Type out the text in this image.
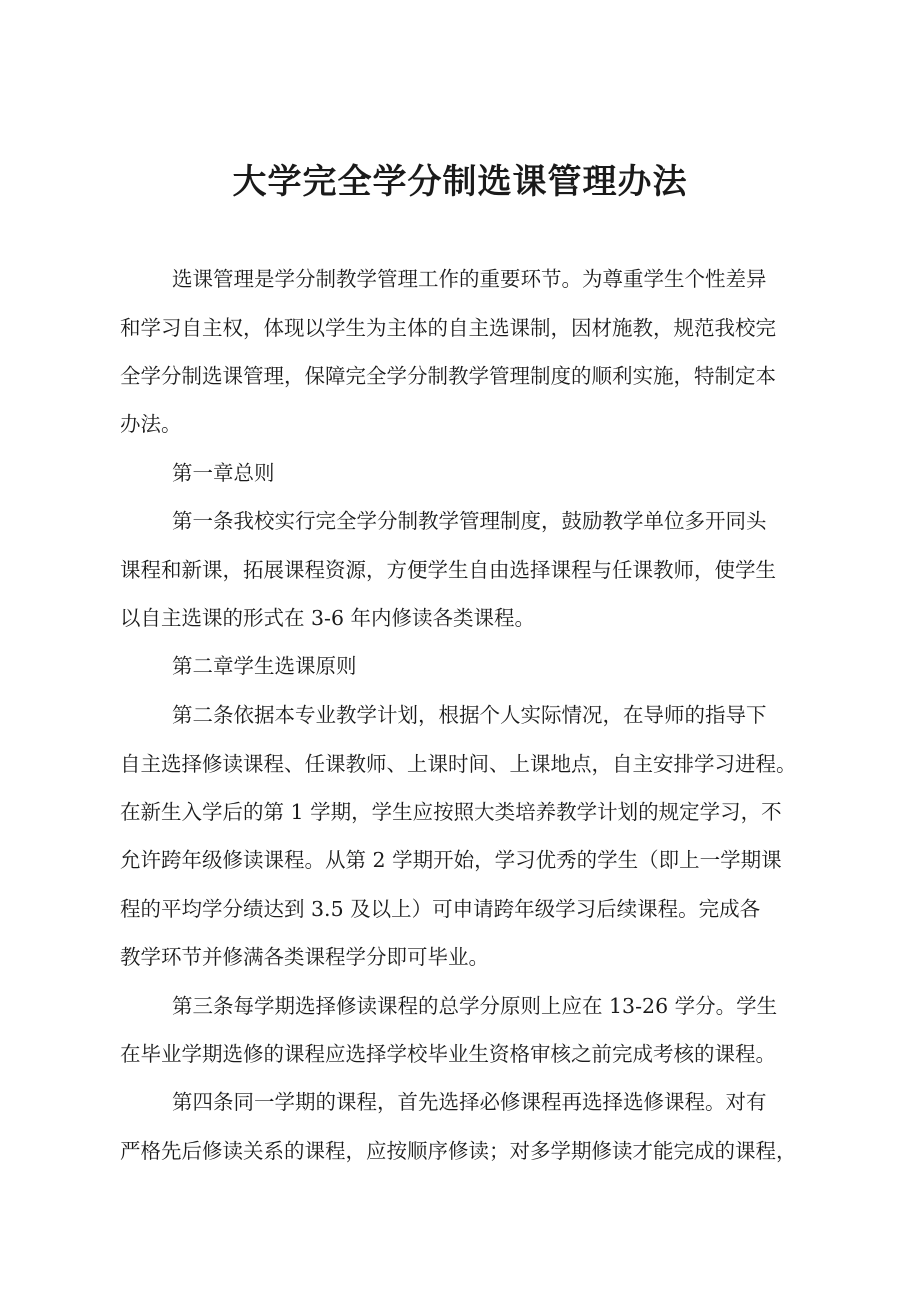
大学完全学分制选课管理办法

选课管理是学分制教学管理工作的重要环节。为尊重学生个性差异

和学习自主权，体现以学生为主体的自主选课制，因材施教，规范我校完

全学分制选课管理，保障完全学分制教学管理制度的顺利实施，特制定本

办法。

第一章总则

第一条我校实行完全学分制教学管理制度，鼓励教学单位多开同头

课程和新课，拓展课程资源，方便学生自由选择课程与任课教师，使学生

以自主选课的形式在 3-6 年内修读各类课程。

第二章学生选课原则

第二条依据本专业教学计划，根据个人实际情况，在导师的指导下

自主选择修读课程、任课教师、上课时间、上课地点，自主安排学习进程。

在新生入学后的第 1 学期，学生应按照大类培养教学计划的规定学习，不

允许跨年级修读课程。从第 2 学期开始，学习优秀的学生（即上一学期课

程的平均学分绩达到 3.5 及以上）可申请跨年级学习后续课程。完成各

教学环节并修满各类课程学分即可毕业。

第三条每学期选择修读课程的总学分原则上应在 13-26 学分。学生

在毕业学期选修的课程应选择学校毕业生资格审核之前完成考核的课程。

第四条同一学期的课程，首先选择必修课程再选择选修课程。对有

严格先后修读关系的课程，应按顺序修读；对多学期修读才能完成的课程，
